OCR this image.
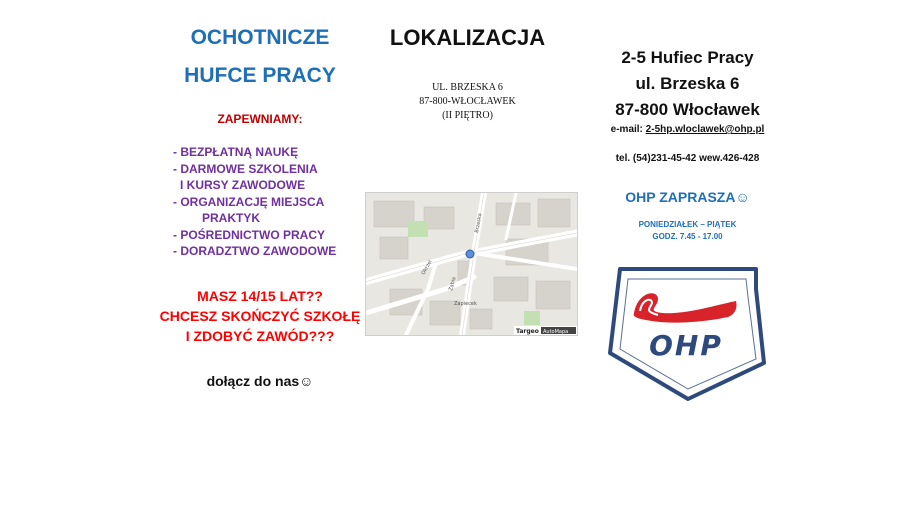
OCHOTNICZE
HUFCE PRACY
ZAPEWNIAMY:
- BEZPŁATNĄ NAUKĘ
- DARMOWE SZKOLENIA
I KURSY ZAWODOWE
- ORGANIZACJĘ MIEJSCA
PRAKTYK
- POŚREDNICTWO PRACY
- DORADZTWO ZAWODOWE
MASZ 14/15 LAT??
CHCESZ SKOŃCZYĆ SZKOŁĘ
I ZDOBYĆ ZAWÓD???
dołącz do nas☺
LOKALIZACJA
UL. BRZESKA 6
87-800-WŁOCŁAWEK
(II PIĘTRO)
Brzeska
Żabia
Zapiecek
Okrzei
Targeo AutoMapa
2-5 Hufiec Pracy
ul. Brzeska 6
87-800 Włocławek
e-mail: 2-5hp.wloclawek@ohp.pl
tel. (54)231-45-42 wew.426-428
OHP ZAPRASZA☺
PONIEDZIAŁEK – PIĄTEK
GODZ. 7.45 - 17.00
OHP
